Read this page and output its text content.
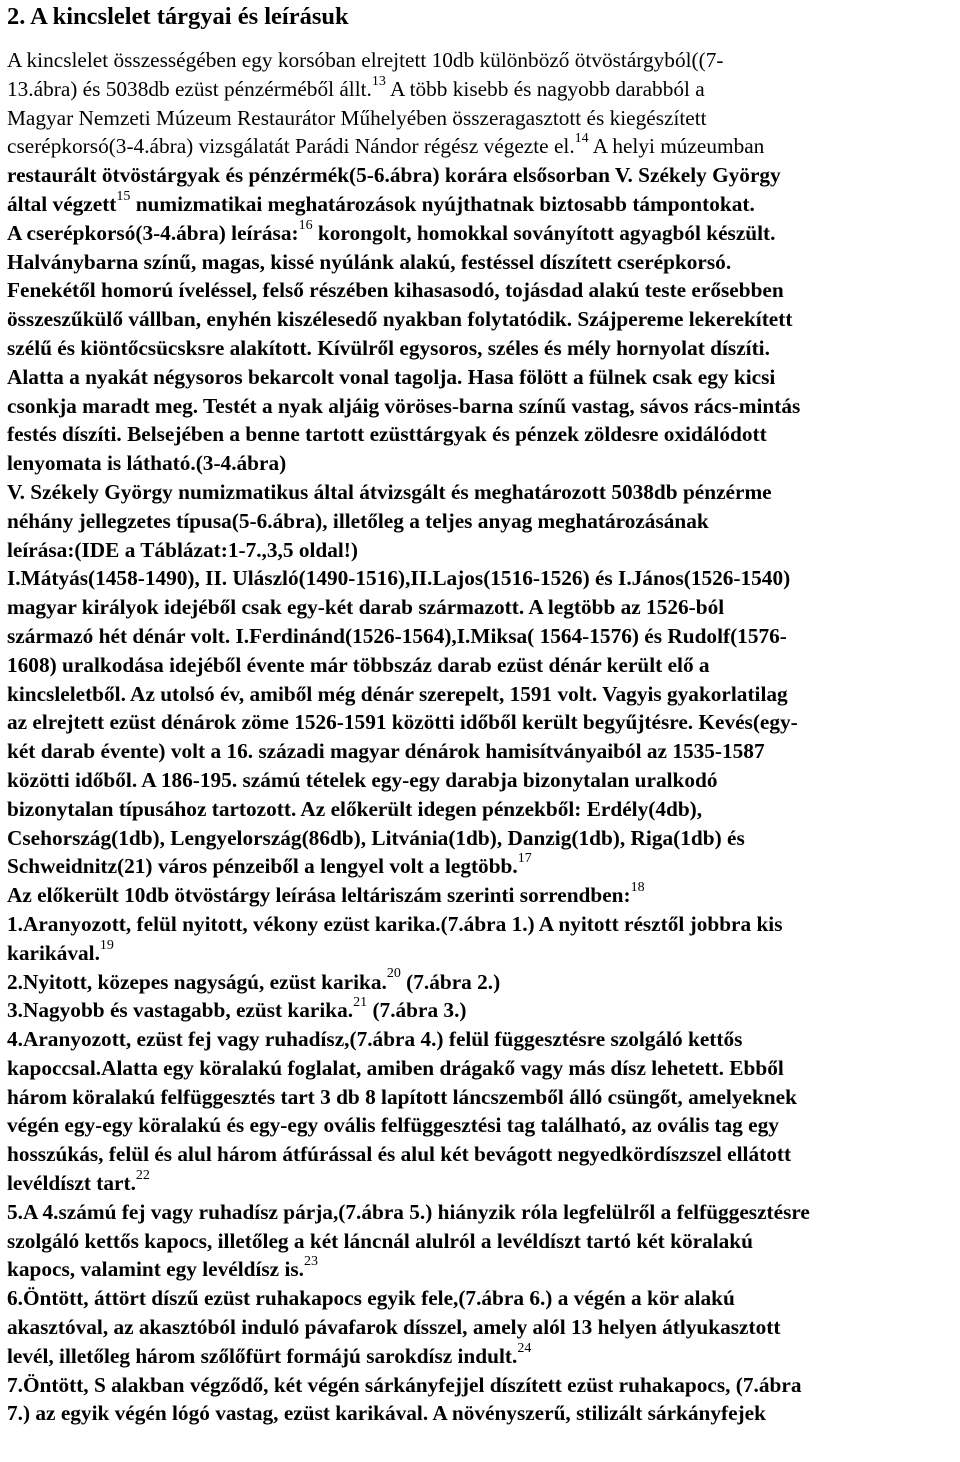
2. A kincslelet tárgyai és leírásuk

A kincslelet összességében egy korsóban elrejtett 10db különböző ötvöstárgyból((7-

13.ábra) és 5038db ezüst pénzérméből állt.$^{13}$ A több kisebb és nagyobb darabból a

Magyar Nemzeti Múzeum Restaurátor Műhelyében összeragasztott és kiegészített

cserépkorsó(3-4.ábra) vizsgálatát Parádi Nándor régész végezte el.$^{14}$ A helyi múzeumban

restaurált ötvöstárgyak és pénzérmék(5-6.ábra) korára elsősorban V. Székely György

által végzett$^{15}$ numizmatikai meghatározások nyújthatnak biztosabb támpontokat.

A cserépkorsó(3-4.ábra) leírása:$^{16}$ korongolt, homokkal soványított agyagból készült.

Halványbarna színű, magas, kissé nyúlánk alakú, festéssel díszített cserépkorsó.

Fenekétől homorú íveléssel, felső részében kihasasodó, tojásdad alakú teste erősebben

összeszűkülő vállban, enyhén kiszélesedő nyakban folytatódik. Szájpereme lekerekített

szélű és kiöntőcsücsksre alakított. Kívülről egysoros, széles és mély hornyolat díszíti.

Alatta a nyakát négysoros bekarcolt vonal tagolja. Hasa fölött a fülnek csak egy kicsi

csonkja maradt meg. Testét a nyak aljáig vöröses-barna színű vastag, sávos rács-mintás

festés díszíti. Belsejében a benne tartott ezüsttárgyak és pénzek zöldesre oxidálódott

lenyomata is látható.(3-4.ábra)

V. Székely György numizmatikus által átvizsgált és meghatározott 5038db pénzérme

néhány jellegzetes típusa(5-6.ábra), illetőleg a teljes anyag meghatározásának

leírása:(IDE a Táblázat:1-7.,3,5 oldal!)

I.Mátyás(1458-1490), II. Ulászló(1490-1516),II.Lajos(1516-1526) és I.János(1526-1540)

magyar királyok idejéből csak egy-két darab származott. A legtöbb az 1526-ból

származó hét dénár volt. I.Ferdinánd(1526-1564),I.Miksa( 1564-1576) és Rudolf(1576-

1608) uralkodása idejéből évente már többszáz darab ezüst dénár került elő a

kincsleletből. Az utolsó év, amiből még dénár szerepelt, 1591 volt. Vagyis gyakorlatilag

az elrejtett ezüst dénárok zöme 1526-1591 közötti időből került begyűjtésre. Kevés(egy-

két darab évente) volt a 16. századi magyar dénárok hamisítványaiból az 1535-1587

közötti időből. A 186-195. számú tételek egy-egy darabja bizonytalan uralkodó

bizonytalan típusához tartozott. Az előkerült idegen pénzekből: Erdély(4db),

Csehország(1db), Lengyelország(86db), Litvánia(1db), Danzig(1db), Riga(1db) és

Schweidnitz(21) város pénzeiből a lengyel volt a legtöbb.$^{17}$

Az előkerült 10db ötvöstárgy leírása leltáriszám szerinti sorrendben:$^{18}$

1.Aranyozott, felül nyitott, vékony ezüst karika.(7.ábra 1.) A nyitott résztől jobbra kis

karikával.$^{19}$

2.Nyitott, közepes nagyságú, ezüst karika.$^{20}$ (7.ábra 2.)

3.Nagyobb és vastagabb, ezüst karika.$^{21}$ (7.ábra 3.)

4.Aranyozott, ezüst fej vagy ruhadísz,(7.ábra 4.) felül függesztésre szolgáló kettős

kapoccsal.Alatta egy köralakú foglalat, amiben drágakő vagy más dísz lehetett. Ebből

három köralakú felfüggesztés tart 3 db 8 lapított láncszemből álló csüngőt, amelyeknek

végén egy-egy köralakú és egy-egy ovális felfüggesztési tag található, az ovális tag egy

hosszúkás, felül és alul három átfúrással és alul két bevágott negyedkördíszszel ellátott

levéldíszt tart.$^{22}$

5.A 4.számú fej vagy ruhadísz párja,(7.ábra 5.) hiányzik róla legfelülről a felfüggesztésre

szolgáló kettős kapocs, illetőleg a két láncnál alulról a levéldíszt tartó két köralakú

kapocs, valamint egy levéldísz is.$^{23}$

6.Öntött, áttört díszű ezüst ruhakapocs egyik fele,(7.ábra 6.) a végén a kör alakú

akasztóval, az akasztóból induló pávafarok dísszel, amely alól 13 helyen átlyukasztott

levél, illetőleg három szőlőfürt formájú sarokdísz indult.$^{24}$

7.Öntött, S alakban végződő, két végén sárkányfejjel díszített ezüst ruhakapocs, (7.ábra

7.) az egyik végén lógó vastag, ezüst karikával. A növényszerű, stilizált sárkányfejek
